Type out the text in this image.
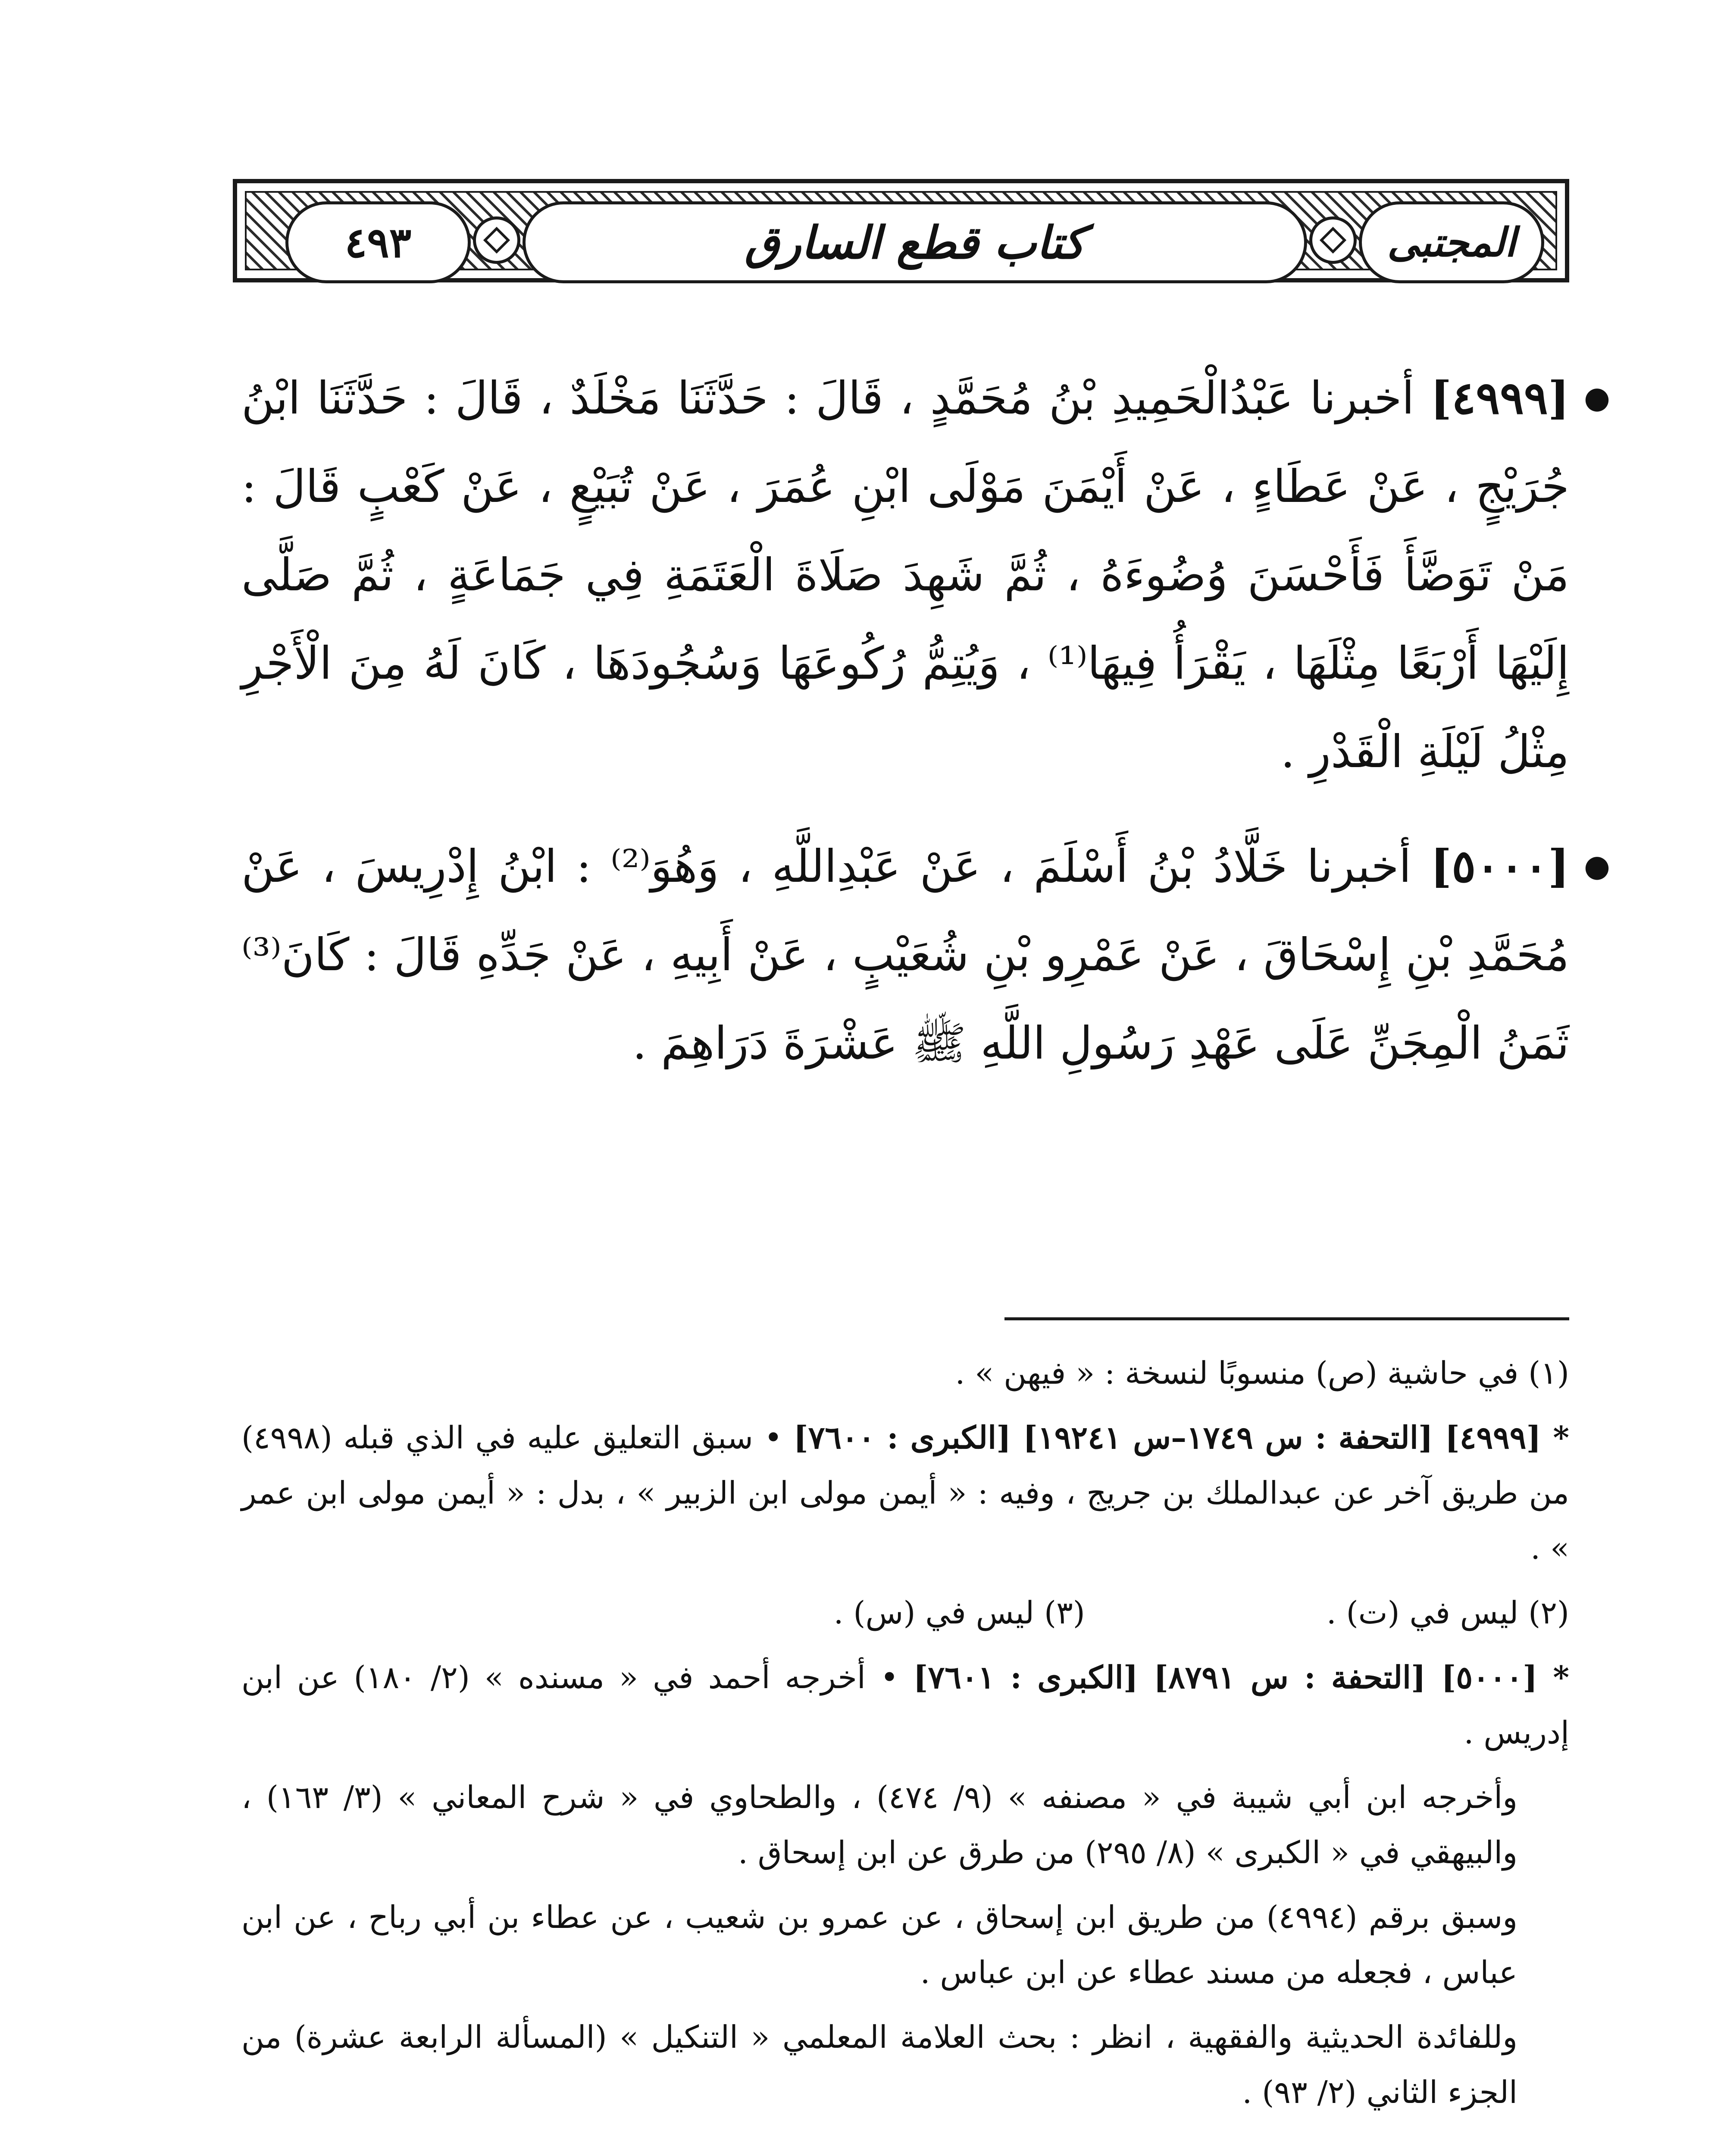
٤٩٣	كتاب قطع السارق	المجتبى
●
[٤٩٩٩] أخبرنا عَبْدُالْحَمِيدِ بْنُ مُحَمَّدٍ ، قَالَ : حَدَّثَنَا مَخْلَدٌ ، قَالَ : حَدَّثَنَا ابْنُ جُرَيْجٍ ، عَنْ عَطَاءٍ ، عَنْ أَيْمَنَ مَوْلَى ابْنِ عُمَرَ ، عَنْ تُبَيْعٍ ، عَنْ كَعْبٍ قَالَ : مَنْ تَوَضَّأَ فَأَحْسَنَ وُضُوءَهُ ، ثُمَّ شَهِدَ صَلَاةَ الْعَتَمَةِ فِي جَمَاعَةٍ ، ثُمَّ صَلَّى إِلَيْهَا أَرْبَعًا مِثْلَهَا ، يَقْرَأُ فِيهَا⁽¹⁾ ، وَيُتِمُّ رُكُوعَهَا وَسُجُودَهَا ، كَانَ لَهُ مِنَ الْأَجْرِ مِثْلُ لَيْلَةِ الْقَدْرِ .
●
[٥٠٠٠] أخبرنا خَلَّادُ بْنُ أَسْلَمَ ، عَنْ عَبْدِاللَّهِ ، وَهُوَ⁽²⁾ : ابْنُ إِدْرِيسَ ، عَنْ مُحَمَّدِ بْنِ إِسْحَاقَ ، عَنْ عَمْرِو بْنِ شُعَيْبٍ ، عَنْ أَبِيهِ ، عَنْ جَدِّهِ قَالَ : كَانَ⁽³⁾ ثَمَنُ الْمِجَنِّ عَلَى عَهْدِ رَسُولِ اللَّهِ ﷺ عَشْرَةَ دَرَاهِمَ .

(١) في حاشية (ص) منسوبًا لنسخة : « فيهن » .

* [٤٩٩٩] [التحفة : س ١٧٤٩–س ١٩٢٤١] [الكبرى : ٧٦٠٠] • سبق التعليق عليه في الذي قبله (٤٩٩٨) من طريق آخر عن عبدالملك بن جريج ، وفيه : « أيمن مولى ابن الزبير » ، بدل : « أيمن مولى ابن عمر » .

(٢) ليس في (ت) .
(٣) ليس في (س) .

* [٥٠٠٠] [التحفة : س ٨٧٩١] [الكبرى : ٧٦٠١] • أخرجه أحمد في « مسنده » (٢/ ١٨٠) عن ابن إدريس .

وأخرجه ابن أبي شيبة في « مصنفه » (٩/ ٤٧٤) ، والطحاوي في « شرح المعاني » (٣/ ١٦٣) ، والبيهقي في « الكبرى » (٨/ ٢٩٥) من طرق عن ابن إسحاق .

وسبق برقم (٤٩٩٤) من طريق ابن إسحاق ، عن عمرو بن شعيب ، عن عطاء بن أبي رباح ، عن ابن عباس ، فجعله من مسند عطاء عن ابن عباس .

وللفائدة الحديثية والفقهية ، انظر : بحث العلامة المعلمي « التنكيل » (المسألة الرابعة عشرة) من الجزء الثاني (٢/ ٩٣) .
